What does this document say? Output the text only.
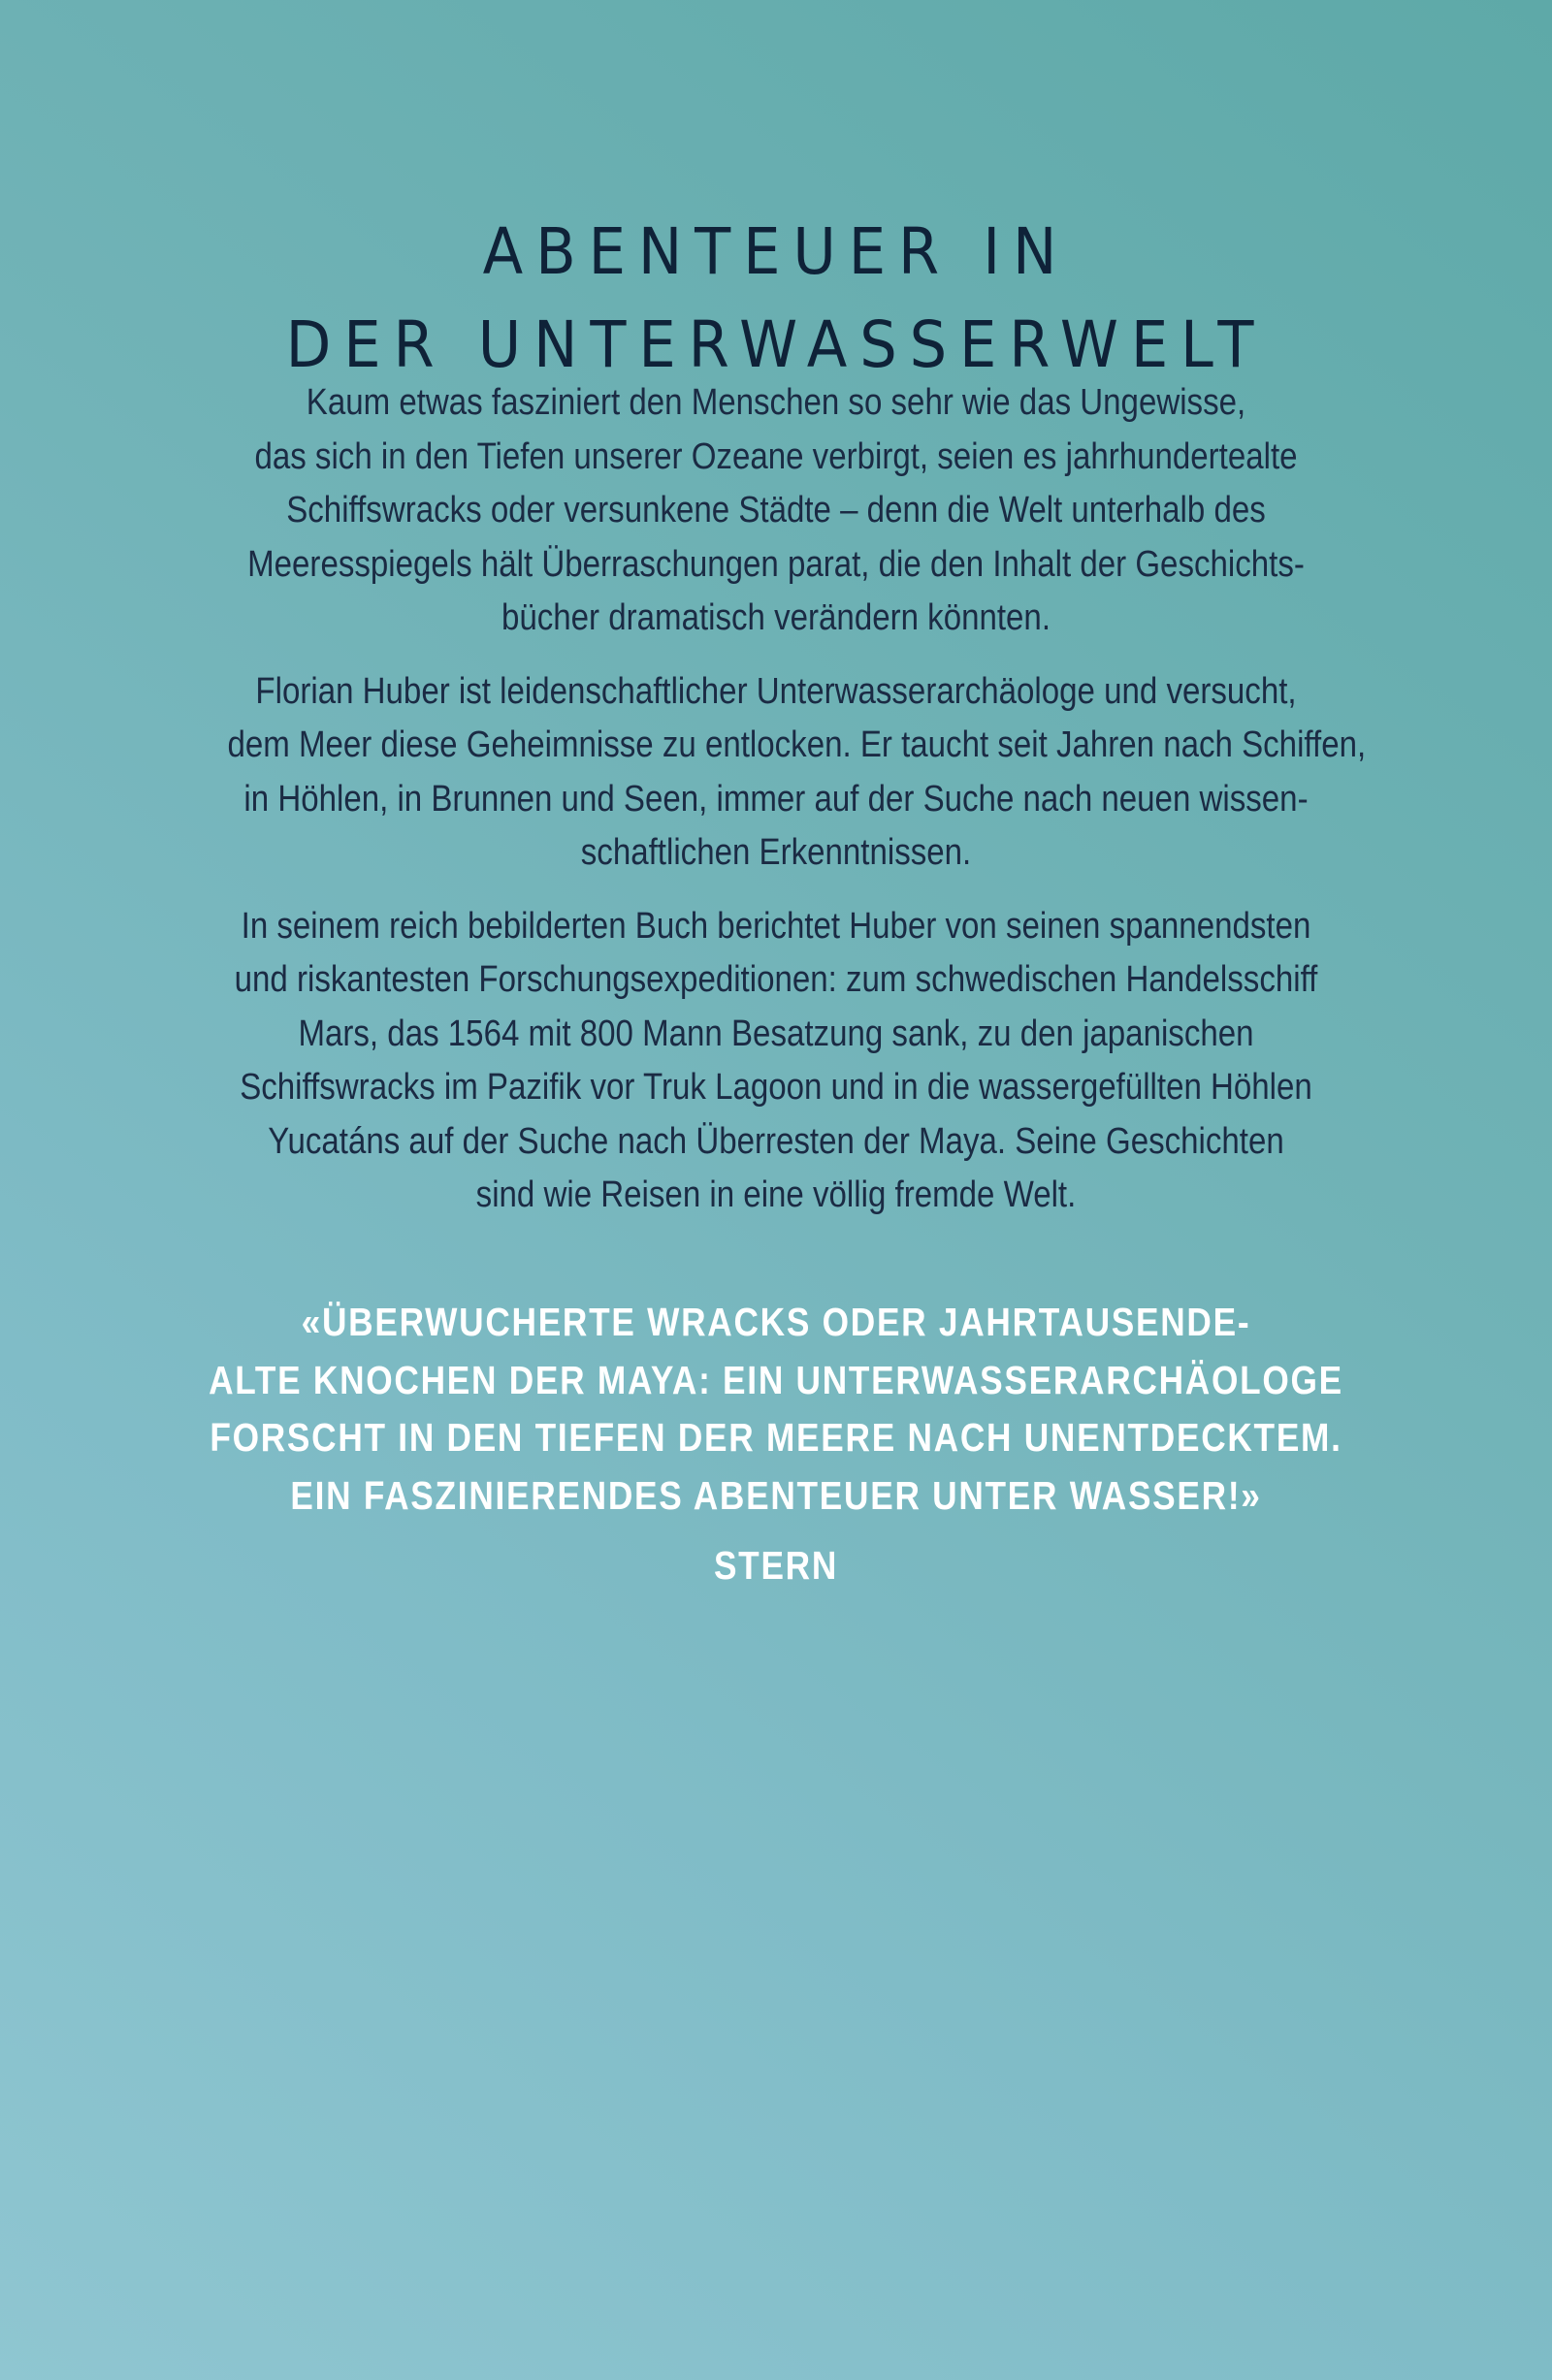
ABENTEUER IN
DER UNTERWASSERWELT

Kaum etwas fasziniert den Menschen so sehr wie das Ungewisse,
das sich in den Tiefen unserer Ozeane verbirgt, seien es jahrhundertealte
Schiffswracks oder versunkene Städte – denn die Welt unterhalb des
Meeresspiegels hält Überraschungen parat, die den Inhalt der Geschichts-
bücher dramatisch verändern könnten.

Florian Huber ist leidenschaftlicher Unterwasserarchäologe und versucht,
dem Meer diese Geheimnisse zu entlocken. Er taucht seit Jahren nach Schiffen,
in Höhlen, in Brunnen und Seen, immer auf der Suche nach neuen wissen-
schaftlichen Erkenntnissen.

In seinem reich bebilderten Buch berichtet Huber von seinen spannendsten
und riskantesten Forschungsexpeditionen: zum schwedischen Handelsschiff
Mars, das 1564 mit 800 Mann Besatzung sank, zu den japanischen
Schiffswracks im Pazifik vor Truk Lagoon und in die wassergefüllten Höhlen
Yucatáns auf der Suche nach Überresten der Maya. Seine Geschichten
sind wie Reisen in eine völlig fremde Welt.

«ÜBERWUCHERTE WRACKS ODER JAHRTAUSENDE-
ALTE KNOCHEN DER MAYA: EIN UNTERWASSERARCHÄOLOGE
FORSCHT IN DEN TIEFEN DER MEERE NACH UNENTDECKTEM.
EIN FASZINIERENDES ABENTEUER UNTER WASSER!»
STERN
